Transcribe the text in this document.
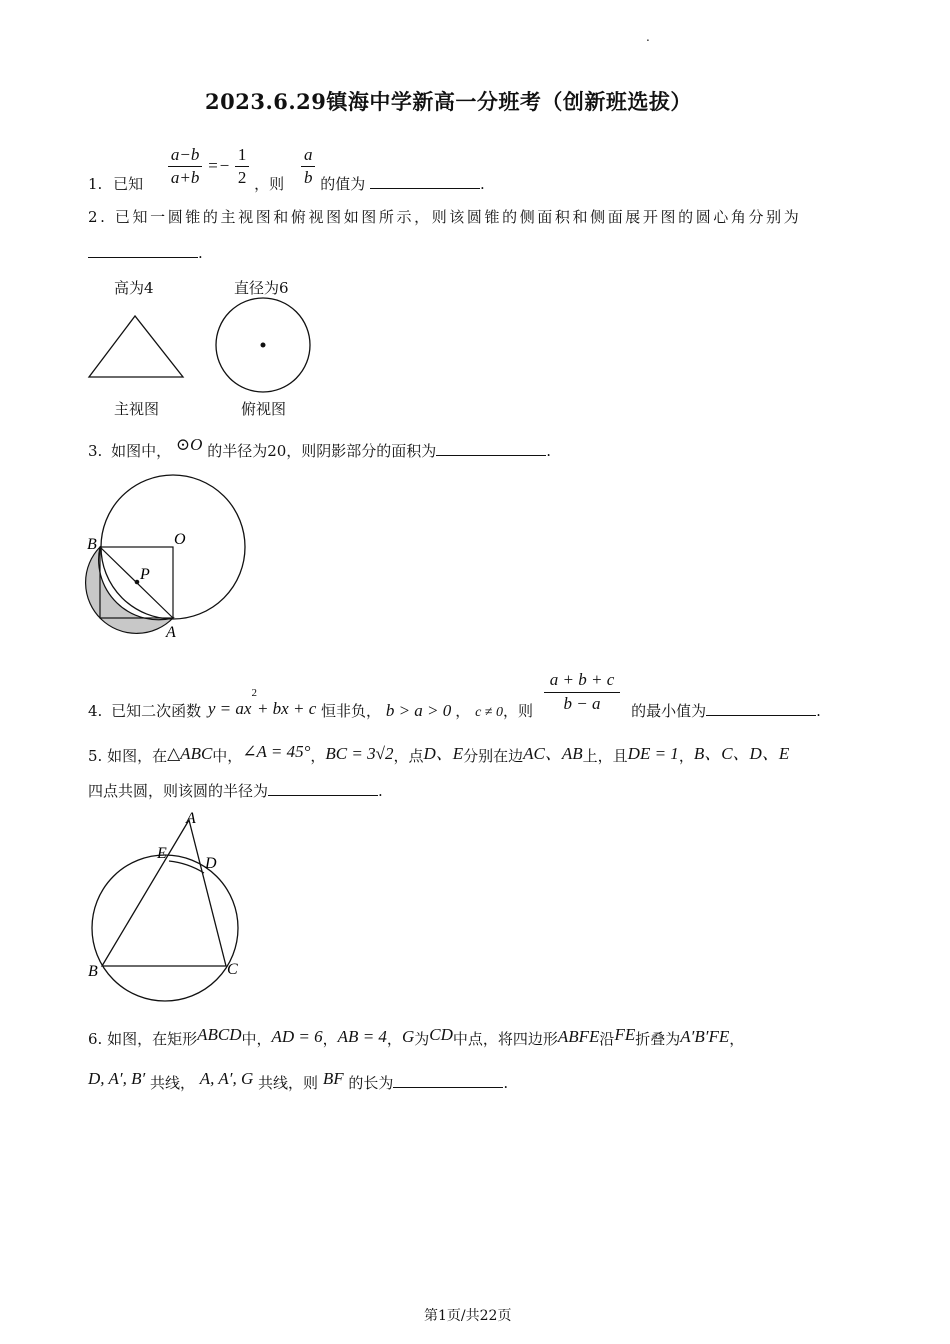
.
2023.6.29镇海中学新高一分班考（创新班选拔）
1. 已知 $\frac{a-b}{a+b} =- \frac{1}{2}$ ，则 $\frac{a}{b}$ 的值为	.
2. 已知一圆锥的主视图和俯视图如图所示，则该圆锥的侧面积和侧面展开图的圆心角分别为
.
高为4	直径为6
主视图	俯视图
3. 如图中， ⊙O 的半径为20，则阴影部分的面积为	.
B	O
P
A
4. 已知二次函数 $y = ax^2+$ bx + c 恒非负， b > a > 0 ， c ≠ 0，则 $\frac{a + b + c}{b - a}$ 的最小值为	.
5. 如图，在△ABC中，∠A = 45°，BC = 3√2，点D、E分别在边AC、AB上，且DE = 1，B、C、D、E
四点共圆，则该圆的半径为	.
A
E
D
B	C
6. 如图，在矩形ABCD中，AD = 6，AB = 4，G为CD中点，将四边形ABFE沿FE折叠为A′B′FE，
D, A′, B′ 共线， A, A′, G 共线，则 BF 的长为	.
第1页/共22页
